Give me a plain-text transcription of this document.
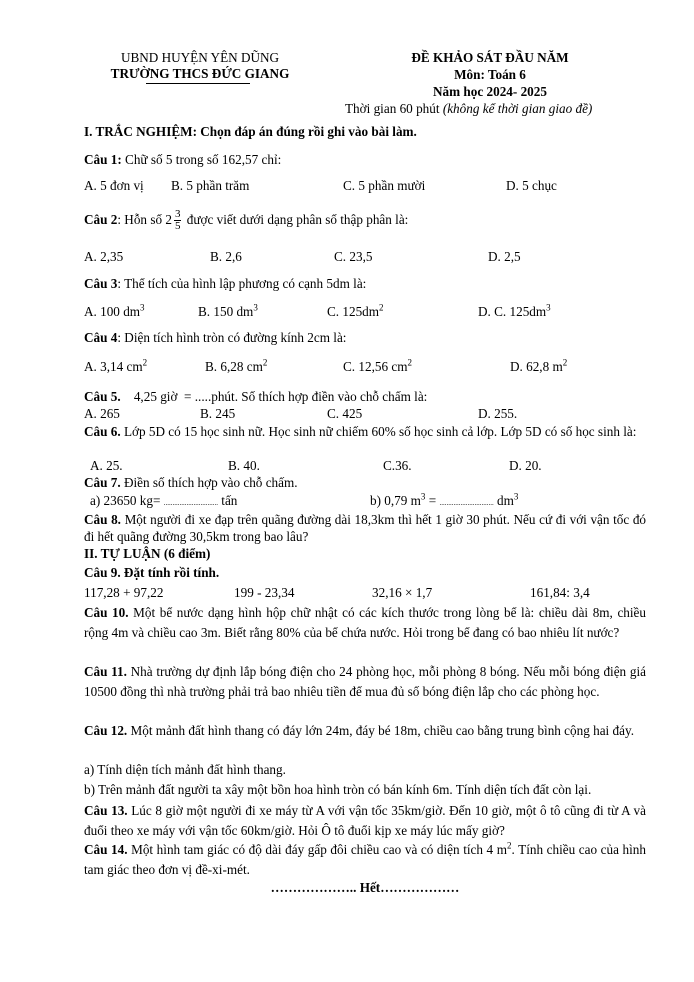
UBND HUYỆN YÊN DŨNG
TRƯỜNG THCS ĐỨC GIANG
ĐỀ KHẢO SÁT ĐẦU NĂM
Môn: Toán 6
Năm học 2024- 2025
Thời gian 60 phút (không kể thời gian giao đề)
I. TRẮC NGHIỆM: Chọn đáp án đúng rồi ghi vào bài làm.
Câu 1: Chữ số 5 trong số 162,57 chỉ:
A. 5 đơn vị B. 5 phần trăm	C. 5 phần mười	D. 5 chục
Câu 2: Hỗn số $2 \frac{3}{5}$ được viết dưới dạng phân số thập phân là:
A. 2,35	B. 2,6	C. 23,5	D. 2,5
Câu 3: Thể tích của hình lập phương có cạnh 5dm là:
A. 100 $dm^3$	B. 150 $dm^3$	C. $125dm^2$	D. C. $125dm^3$
Câu 4: Diện tích hình tròn có đường kính 2cm là:
A. 3,14 $cm^2$	B. 6,28 $cm^2$	C. 12,56 $cm^2$	D. 62,8 $m^2$
Câu 5.    4,25 giờ  = .....phút. Số thích hợp điền vào chỗ chấm là:
A. 265	B. 245	C. 425	D. 255.
Câu 6. Lớp 5D có 15 học sinh nữ. Học sinh nữ chiếm 60% số học sinh cả lớp. Lớp 5D có số học sinh là:
A. 25.	B. 40.	C.36.	D. 20.
Câu 7. Điền số thích hợp vào chỗ chấm.
a) 23650 kg= ............................... tấn	b) 0,79 $m^3$ = ............................... $dm^3$
Câu 8. Một người đi xe đạp trên quãng đường dài 18,3km thì hết 1 giờ 30 phút. Nếu cứ đi với vận tốc đó đi hết quãng đường 30,5km trong bao lâu?
II. TỰ LUẬN (6 điểm)
Câu 9. Đặt tính rồi tính.
117,28 + 97,22	199 - 23,34	32,16 × 1,7	161,84: 3,4
Câu 10. Một bể nước dạng hình hộp chữ nhật có các kích thước trong lòng bể là: chiều dài 8m, chiều rộng 4m và chiều cao 3m. Biết rằng 80% của bể chứa nước. Hỏi trong bể đang có bao nhiêu lít nước?
Câu 11. Nhà trường dự định lắp bóng điện cho 24 phòng học, mỗi phòng 8 bóng. Nếu mỗi bóng điện giá 10500 đồng thì nhà trường phải trả bao nhiêu tiền để mua đủ số bóng điện lắp cho các phòng học.
Câu 12. Một mảnh đất hình thang có đáy lớn 24m, đáy bé 18m, chiều cao bằng trung bình cộng hai đáy.
a) Tính diện tích mảnh đất hình thang.
b) Trên mảnh đất người ta xây một bồn hoa hình tròn có bán kính 6m. Tính diện tích đất còn lại.
Câu 13. Lúc 8 giờ một người đi xe máy từ A với vận tốc 35km/giờ. Đến 10 giờ, một ô tô cũng đi từ A và đuổi theo xe máy với vận tốc 60km/giờ. Hỏi Ô tô đuổi kịp xe máy lúc mấy giờ?
Câu 14. Một hình tam giác có độ dài đáy gấp đôi chiều cao và có diện tích 4 $m^2$. Tính chiều cao của hình tam giác theo đơn vị đề-xi-mét.
……………….. Hết………………
